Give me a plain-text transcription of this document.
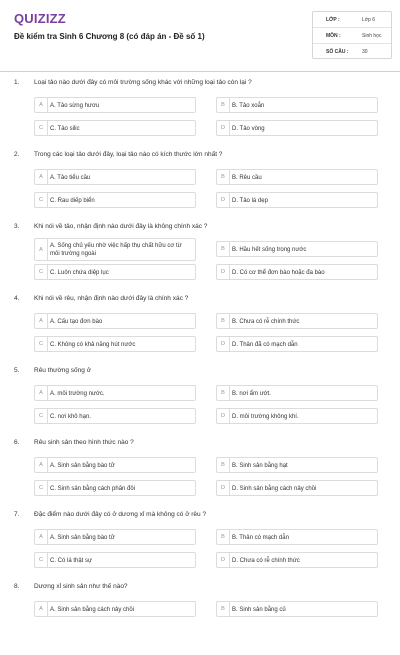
QUIZIZZ
Đề kiểm tra Sinh 6 Chương 8 (có đáp án - Đề số 1)
LỚP :	Lớp 6
MÔN :	Sinh học
SỐ CÂU :	30
1. Loại tảo nào dưới đây có môi trường sống khác với những loại tảo còn lại ?
A	A. Tảo sừng hươu	B	B. Tảo xoắn
C	C. Tảo silic	D	D. Tảo vòng
2. Trong các loại tảo dưới đây, loại tảo nào có kích thước lớn nhất ?
A	A. Tảo tiểu cầu	B	B. Rêu cầu
C	C. Rau diếp biển	D	D. Tảo lá dẹp
3. Khi nói về tảo, nhận định nào dưới đây là không chính xác ?
A
A. Sống chủ yếu nhờ việc hấp thụ chất hữu cơ từ môi trường ngoài
B	B. Hầu hết sống trong nước
C	C. Luôn chứa diệp lục	D	D. Có cơ thể đơn bào hoặc đa bào
4. Khi nói về rêu, nhận định nào dưới đây là chính xác ?
A	A. Cấu tạo đơn bào	B	B. Chưa có rễ chính thức
C	C. Không có khả năng hút nước	D	D. Thân đã có mạch dẫn
5. Rêu thường sống ở
A	A. môi trường nước.	B	B. nơi ẩm ướt.
C	C. nơi khô hạn.	D	D. môi trường không khí.
6. Rêu sinh sản theo hình thức nào ?
A	A. Sinh sản bằng bào tử	B	B. Sinh sản bằng hạt
C	C. Sinh sản bằng cách phân đôi	D	D. Sinh sản bằng cách nảy chồi
7. Đặc điểm nào dưới đây có ở dương xỉ mà không có ở rêu ?
A	A. Sinh sản bằng bào tử	B	B. Thân có mạch dẫn
C	C. Có lá thật sự	D	D. Chưa có rễ chính thức
8. Dương xỉ sinh sản như thế nào?
A	A. Sinh sản bằng cách nảy chồi	B	B. Sinh sản bằng củ
